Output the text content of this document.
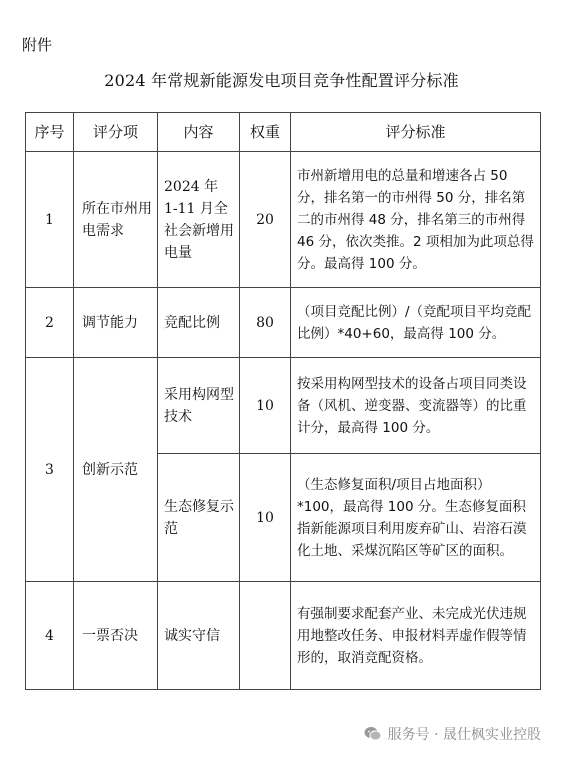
附件
2024 年常规新能源发电项目竞争性配置评分标准
序号	评分项	内容	权重	评分标准
1	所在市州用电需求	2024 年 1-11 月全社会新增用电量	20	市州新增用电的总量和增速各占 50 分，排名第一的市州得 50 分，排名第二的市州得 48 分，排名第三的市州得 46 分，依次类推。2 项相加为此项总得分。最高得 100 分。
2	调节能力	竞配比例	80	（项目竞配比例）/（竞配项目平均竞配比例）*40+60，最高得 100 分。
3	创新示范	采用构网型技术	10	按采用构网型技术的设备占项目同类设备（风机、逆变器、变流器等）的比重计分，最高得 100 分。
		生态修复示范	10	（生态修复面积/项目占地面积）*100，最高得 100 分。生态修复面积指新能源项目利用废弃矿山、岩溶石漠化土地、采煤沉陷区等矿区的面积。
4	一票否决	诚实守信		有强制要求配套产业、未完成光伏违规用地整改任务、申报材料弄虚作假等情形的，取消竞配资格。
服务号 · 晟仕枫实业控股
